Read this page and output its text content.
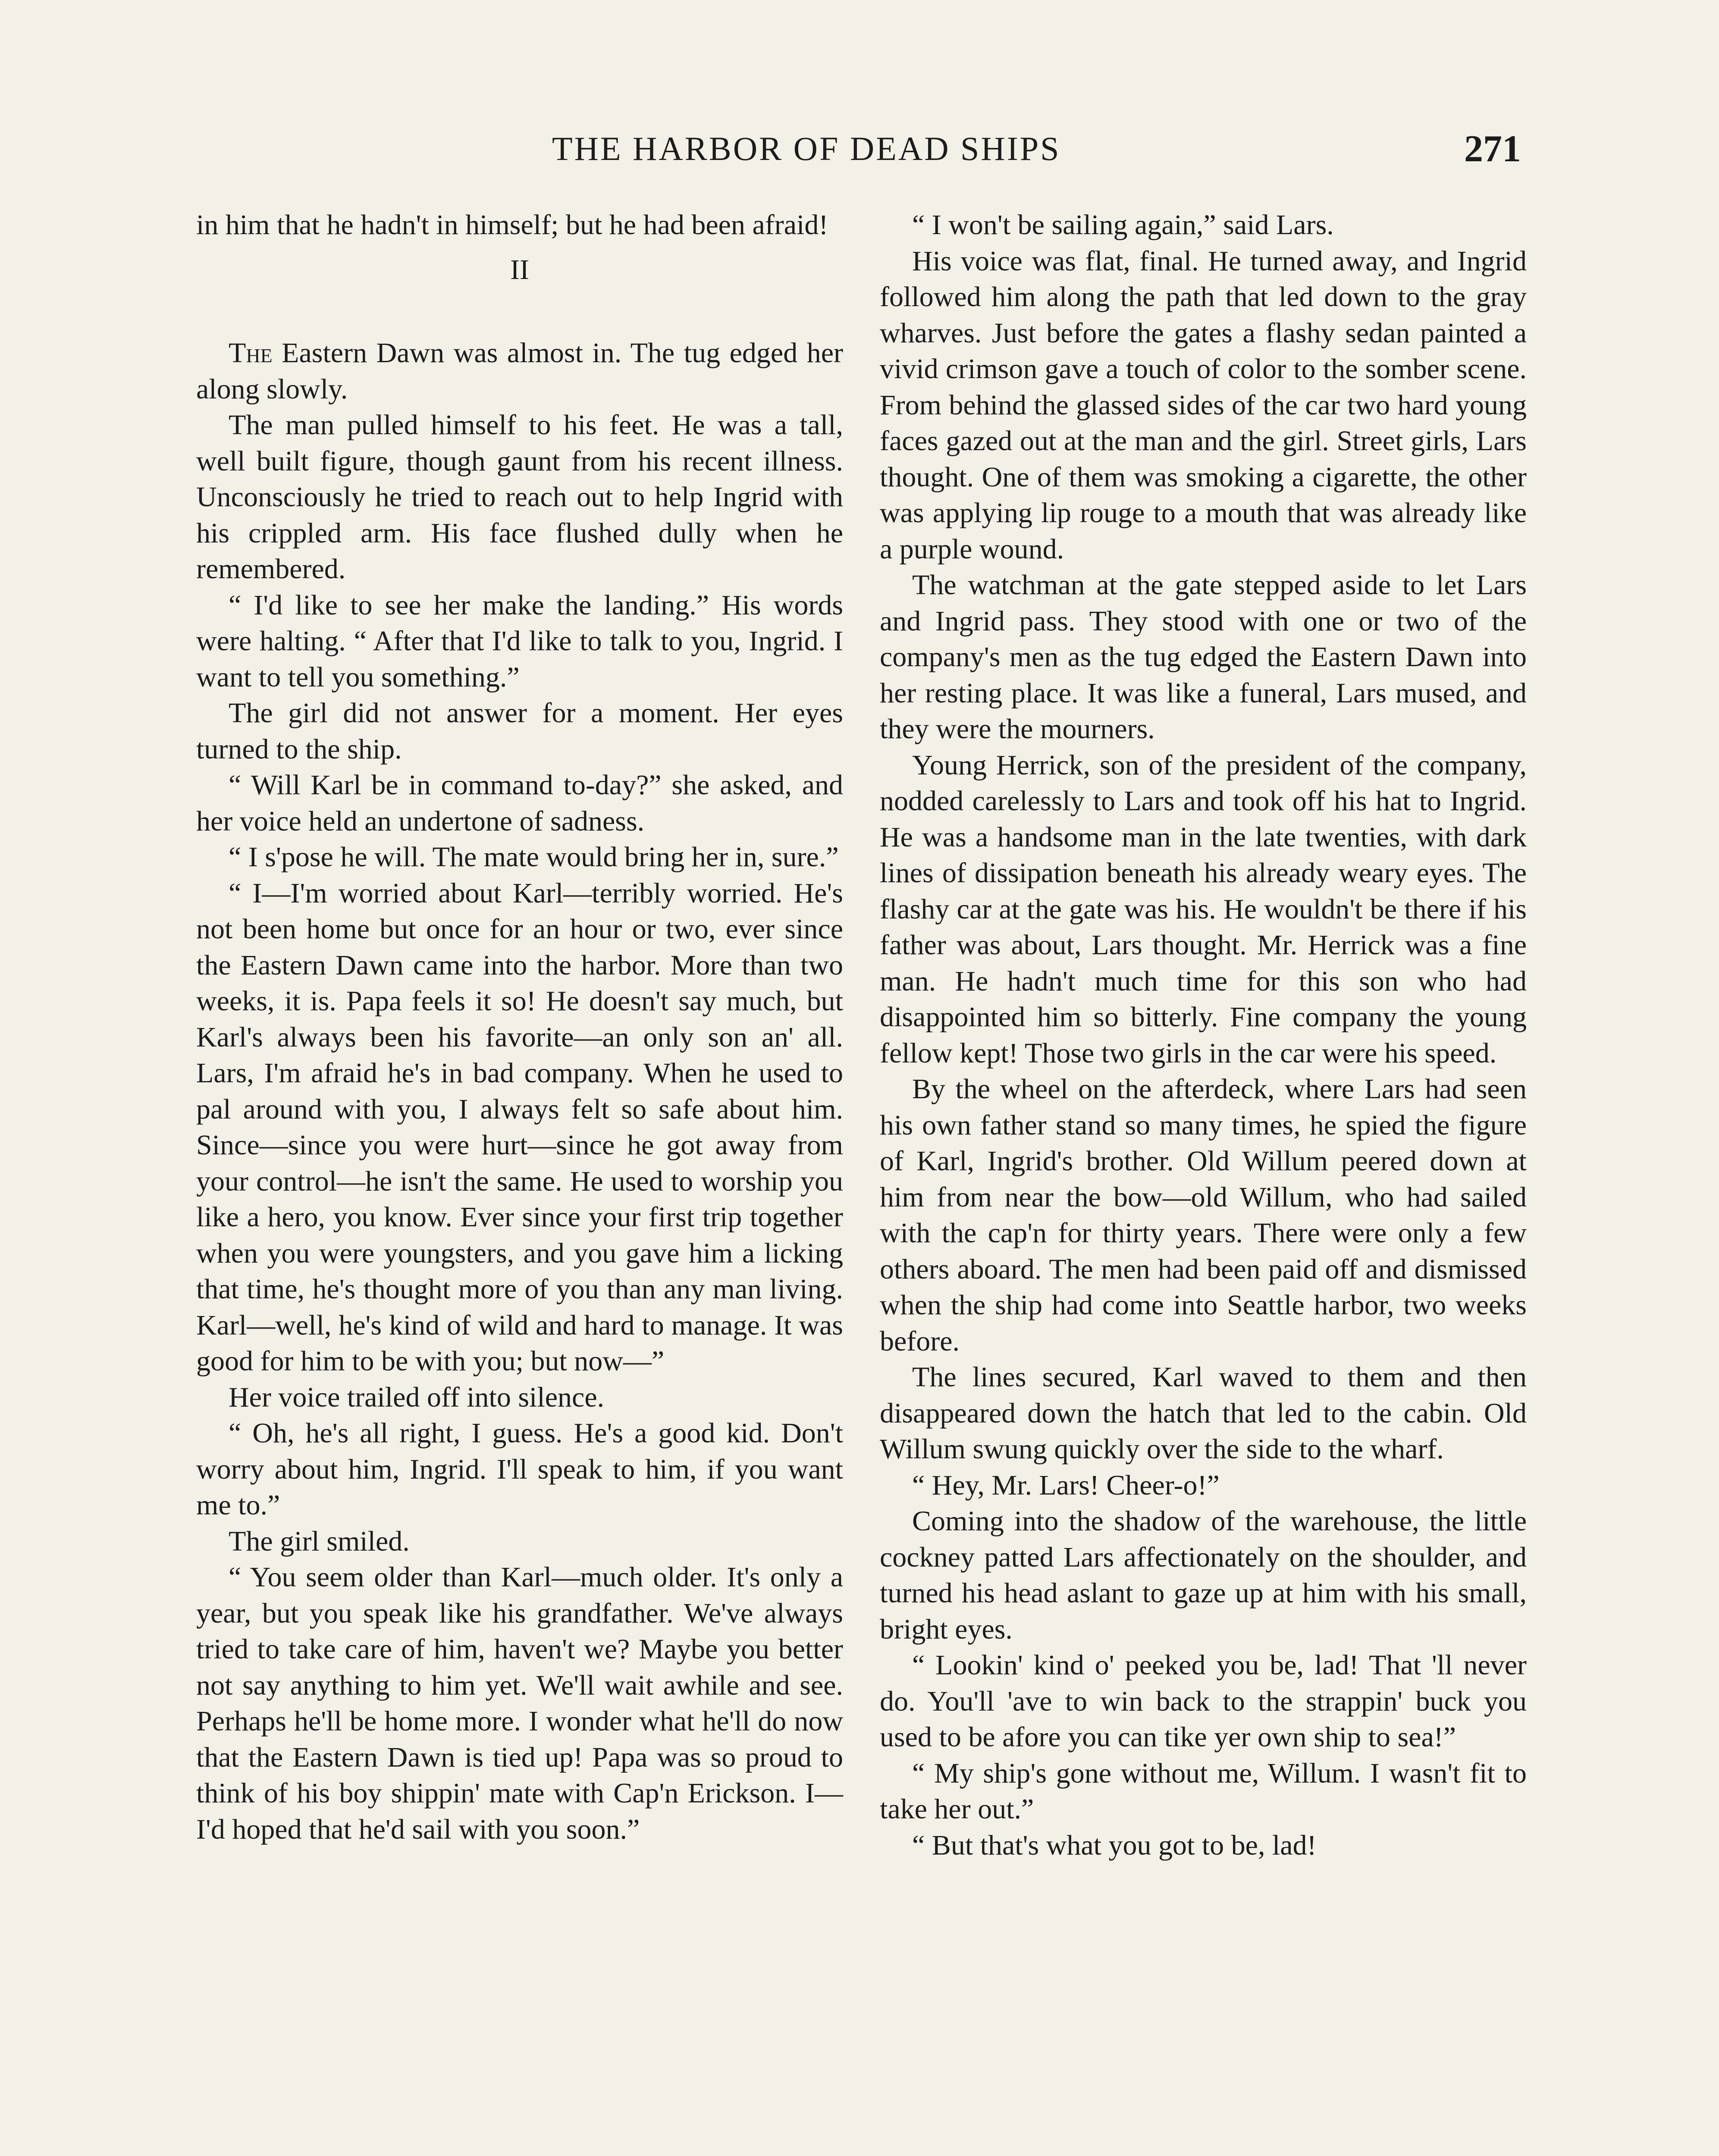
THE HARBOR OF DEAD SHIPS	271

in him that he hadn't in himself; but he had been afraid!

II

The Eastern Dawn was almost in. The tug edged her along slowly.

The man pulled himself to his feet. He was a tall, well built figure, though gaunt from his recent illness. Unconsciously he tried to reach out to help Ingrid with his crippled arm. His face flushed dully when he remembered.

“ I'd like to see her make the landing.” His words were halting. “ After that I'd like to talk to you, Ingrid. I want to tell you something.”

The girl did not answer for a moment. Her eyes turned to the ship.

“ Will Karl be in command to-day?” she asked, and her voice held an undertone of sadness.

“ I s'pose he will. The mate would bring her in, sure.”

“ I—I'm worried about Karl—terribly worried. He's not been home but once for an hour or two, ever since the Eastern Dawn came into the harbor. More than two weeks, it is. Papa feels it so! He doesn't say much, but Karl's always been his favorite—an only son an' all. Lars, I'm afraid he's in bad company. When he used to pal around with you, I always felt so safe about him. Since—since you were hurt—since he got away from your control—he isn't the same. He used to worship you like a hero, you know. Ever since your first trip together when you were youngsters, and you gave him a licking that time, he's thought more of you than any man living. Karl—well, he's kind of wild and hard to manage. It was good for him to be with you; but now—”

Her voice trailed off into silence.

“ Oh, he's all right, I guess. He's a good kid. Don't worry about him, Ingrid. I'll speak to him, if you want me to.”

The girl smiled.

“ You seem older than Karl—much older. It's only a year, but you speak like his grandfather. We've always tried to take care of him, haven't we? Maybe you better not say anything to him yet. We'll wait awhile and see. Perhaps he'll be home more. I wonder what he'll do now that the Eastern Dawn is tied up! Papa was so proud to think of his boy shippin' mate with Cap'n Erickson. I—I'd hoped that he'd sail with you soon.”

“ I won't be sailing again,” said Lars.

His voice was flat, final. He turned away, and Ingrid followed him along the path that led down to the gray wharves. Just before the gates a flashy sedan painted a vivid crimson gave a touch of color to the somber scene. From behind the glassed sides of the car two hard young faces gazed out at the man and the girl. Street girls, Lars thought. One of them was smoking a cigarette, the other was applying lip rouge to a mouth that was already like a purple wound.

The watchman at the gate stepped aside to let Lars and Ingrid pass. They stood with one or two of the company's men as the tug edged the Eastern Dawn into her resting place. It was like a funeral, Lars mused, and they were the mourners.

Young Herrick, son of the president of the company, nodded carelessly to Lars and took off his hat to Ingrid. He was a handsome man in the late twenties, with dark lines of dissipation beneath his already weary eyes. The flashy car at the gate was his. He wouldn't be there if his father was about, Lars thought. Mr. Herrick was a fine man. He hadn't much time for this son who had disappointed him so bitterly. Fine company the young fellow kept! Those two girls in the car were his speed.

By the wheel on the afterdeck, where Lars had seen his own father stand so many times, he spied the figure of Karl, Ingrid's brother. Old Willum peered down at him from near the bow—old Willum, who had sailed with the cap'n for thirty years. There were only a few others aboard. The men had been paid off and dismissed when the ship had come into Seattle harbor, two weeks before.

The lines secured, Karl waved to them and then disappeared down the hatch that led to the cabin. Old Willum swung quickly over the side to the wharf.

“ Hey, Mr. Lars! Cheer-o!”

Coming into the shadow of the warehouse, the little cockney patted Lars affectionately on the shoulder, and turned his head aslant to gaze up at him with his small, bright eyes.

“ Lookin' kind o' peeked you be, lad! That 'll never do. You'll 'ave to win back to the strappin' buck you used to be afore you can tike yer own ship to sea!”

“ My ship's gone without me, Willum. I wasn't fit to take her out.”

“ But that's what you got to be, lad!
